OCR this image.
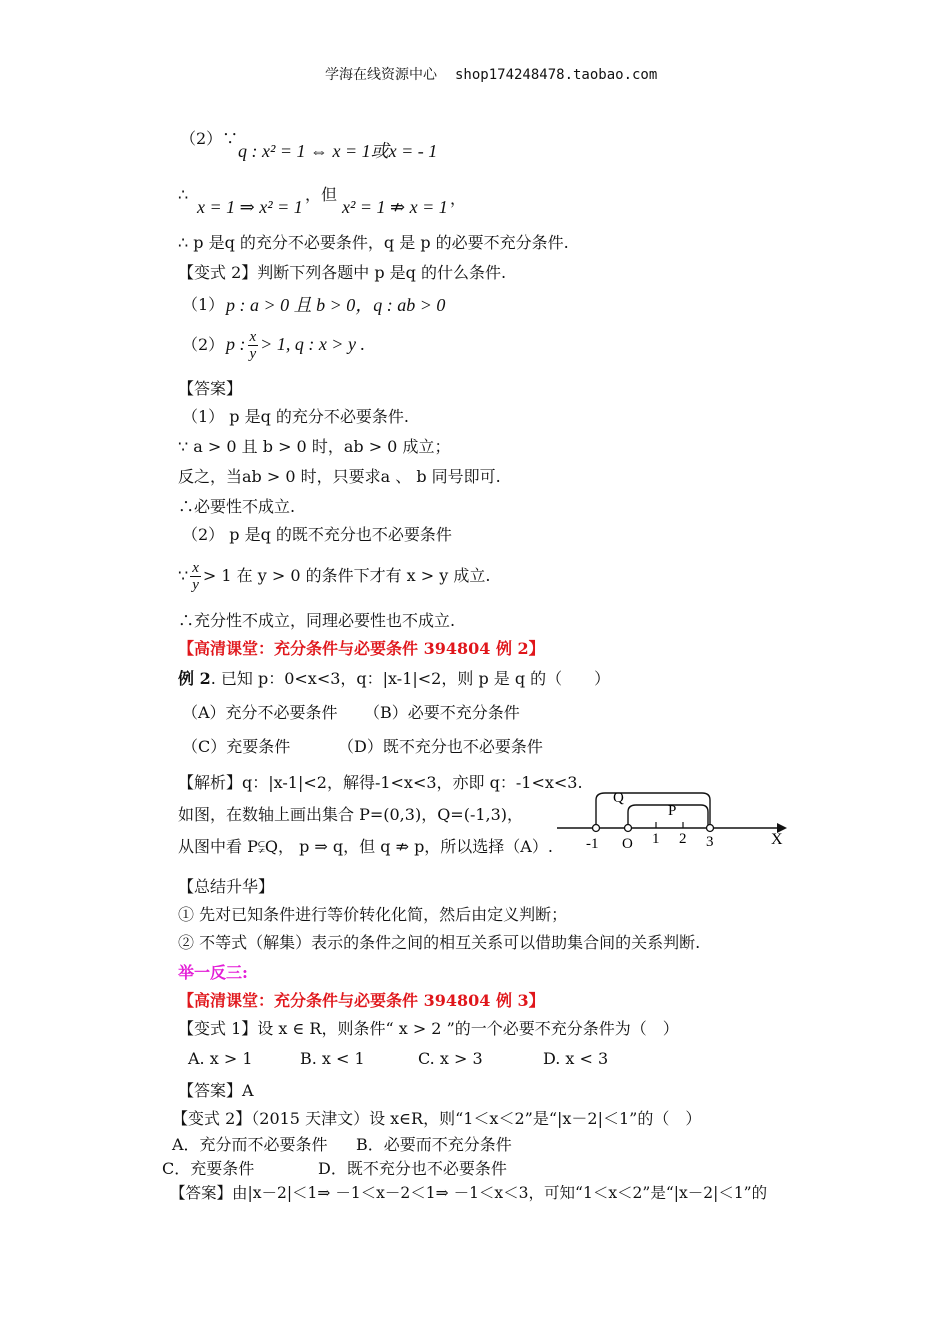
学海在线资源中心 shop174248478.taobao.com
（2）∵
q : x² = 1 ⇔ x = 1或x = - 1
∴
x = 1 ⇒ x² = 1
，但
x² = 1 ⇏ x = 1 ，
∴ p 是q 的充分不必要条件，q 是 p 的必要不充分条件.
【变式 2】判断下列各题中 p 是q 的什么条件.
（1） p : a > 0 且 b > 0，q : ab > 0
（2） p : $\frac{x}{y} > 1$, q : x > y .
【答案】
（1） p 是q 的充分不必要条件.
∵ a > 0 且 b > 0 时，ab > 0 成立；
反之，当ab > 0 时，只要求a 、 b 同号即可.
∴必要性不成立.
（2） p 是q 的既不充分也不必要条件
∵ $\frac{x}{y} > 1$ 在 y > 0 的条件下才有 x > y 成立.
∴充分性不成立，同理必要性也不成立.
【高清课堂：充分条件与必要条件 394804 例 2】
例 2. 已知 p：0<x<3，q：|x-1|<2，则 p 是 q 的（　　）
（A）充分不必要条件 （B）必要不充分条件
（C）充要条件	（D）既不充分也不必要条件
【解析】q：|x-1|<2，解得-1<x<3，亦即 q：-1<x<3.
如图，在数轴上画出集合 P=(0,3)，Q=(-1,3)，
从图中看 P⫋Q， p ⇒ q，但 q ⇏ p，所以选择（A）.
Q
P
-1 O 1 2 3	X
【总结升华】
① 先对已知条件进行等价转化化简，然后由定义判断；
② 不等式（解集）表示的条件之间的相互关系可以借助集合间的关系判断.
举一反三:
【高清课堂：充分条件与必要条件 394804 例 3】
【变式 1】设 x ∈ R，则条件“ x > 2 ”的一个必要不充分条件为（　）
A. x > 1	B. x < 1	C. x > 3	D. x < 3
【答案】A
【变式 2】（2015 天津文）设 x∈R，则“1＜x＜2”是“|x－2|＜1”的（　）
A．充分而不必要条件 B．必要而不充分条件
C．充要条件	D．既不充分也不必要条件
【答案】由|x－2|＜1⇒ －1＜x－2＜1⇒ －1＜x＜3，可知“1＜x＜2”是“|x－2|＜1”的
